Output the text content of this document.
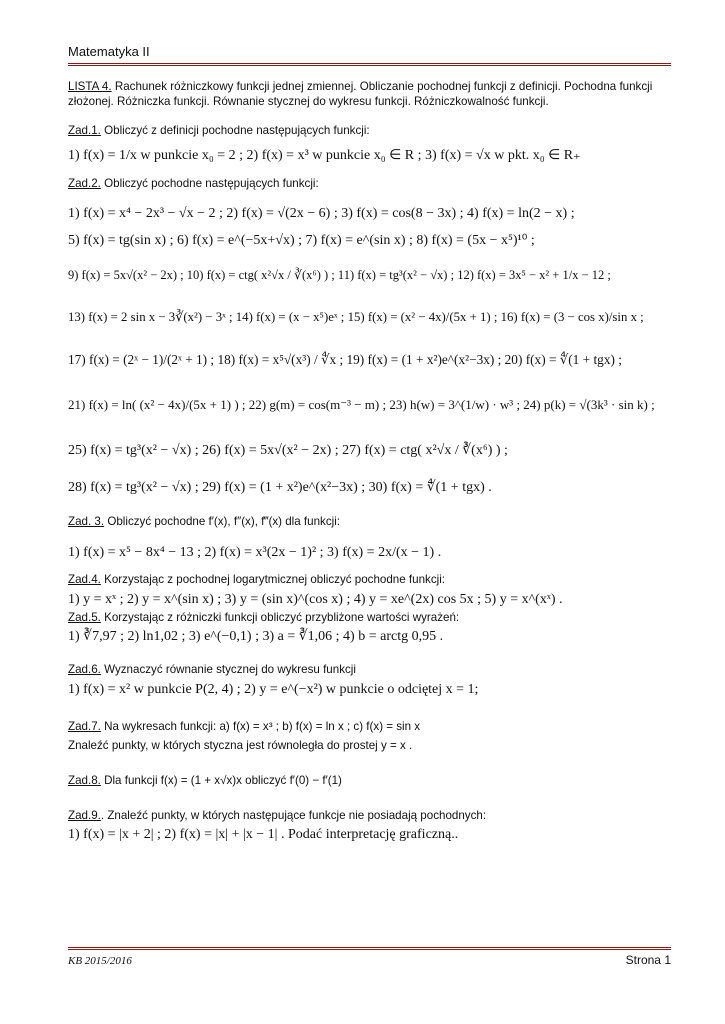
Matematyka II
LISTA 4. Rachunek różniczkowy funkcji jednej zmiennej. Obliczanie pochodnej funkcji z definicji. Pochodna funkcji złożonej. Różniczka funkcji. Równanie stycznej do wykresu funkcji. Różniczkowalność funkcji.
Zad.1. Obliczyć z definicji pochodne następujących funkcji:
1) f(x) = 1/x w punkcie x₀ = 2 ; 2) f(x) = x³ w punkcie x₀ ∈ R ; 3) f(x) = √x w pkt. x₀ ∈ R₊
Zad.2. Obliczyć pochodne następujących funkcji:
1) f(x) = x⁴ − 2x³ − √x − 2 ; 2) f(x) = √(2x − 6) ; 3) f(x) = cos(8 − 3x) ; 4) f(x) = ln(2 − x) ;
5) f(x) = tg(sin x) ; 6) f(x) = e^(−5x+√x) ; 7) f(x) = e^(sin x) ; 8) f(x) = (5x − x⁵)¹⁰ ;
9) f(x) = 5x√(x² − 2x) ; 10) f(x) = ctg( x²√x / ∛(x⁶) ) ; 11) f(x) = tg³(x² − √x) ; 12) f(x) = 3x⁵ − x² + 1/x − 12 ;
13) f(x) = 2 sin x − 3∛(x²) − 3ˣ ; 14) f(x) = (x − x⁵)eˣ ; 15) f(x) = (x² − 4x)/(5x + 1) ; 16) f(x) = (3 − cos x)/sin x ;
17) f(x) = (2ˣ − 1)/(2ˣ + 1) ; 18) f(x) = x⁵√(x³) / ∜x ; 19) f(x) = (1 + x²)e^(x²−3x) ; 20) f(x) = ∜(1 + tgx) ;
21) f(x) = ln( (x² − 4x)/(5x + 1) ) ; 22) g(m) = cos(m⁻³ − m) ; 23) h(w) = 3^(1/w) · w³ ; 24) p(k) = √(3k³ · sin k) ;
25) f(x) = tg³(x² − √x) ; 26) f(x) = 5x√(x² − 2x) ; 27) f(x) = ctg( x²√x / ∛(x⁶) ) ;
28) f(x) = tg³(x² − √x) ; 29) f(x) = (1 + x²)e^(x²−3x) ; 30) f(x) = ∜(1 + tgx) .
Zad. 3. Obliczyć pochodne f′(x), f″(x), f‴(x) dla funkcji:
1) f(x) = x⁵ − 8x⁴ − 13 ; 2) f(x) = x³(2x − 1)² ; 3) f(x) = 2x/(x − 1) .
Zad.4. Korzystając z pochodnej logarytmicznej obliczyć pochodne funkcji:
1) y = xˣ ; 2) y = x^(sin x) ; 3) y = (sin x)^(cos x) ; 4) y = xe^(2x) cos 5x ; 5) y = x^(xˣ) .
Zad.5. Korzystając z różniczki funkcji obliczyć przybliżone wartości wyrażeń:
1) ∛7,97 ; 2) ln1,02 ; 3) e^(−0,1) ; 3) a = ∛1,06 ; 4) b = arctg 0,95 .
Zad.6. Wyznaczyć równanie stycznej do wykresu funkcji
1) f(x) = x² w punkcie P(2, 4) ; 2) y = e^(−x²) w punkcie o odciętej x = 1;
Zad.7. Na wykresach funkcji: a) f(x) = x³ ; b) f(x) = ln x ; c) f(x) = sin x
Znaleźć punkty, w których styczna jest równoległa do prostej y = x .
Zad.8. Dla funkcji f(x) = (1 + x√x)x obliczyć f′(0) − f′(1)
Zad.9.. Znaleźć punkty, w których następujące funkcje nie posiadają pochodnych:
1) f(x) = |x + 2| ; 2) f(x) = |x| + |x − 1| . Podać interpretację graficzną..
KB 2015/2016	Strona 1
